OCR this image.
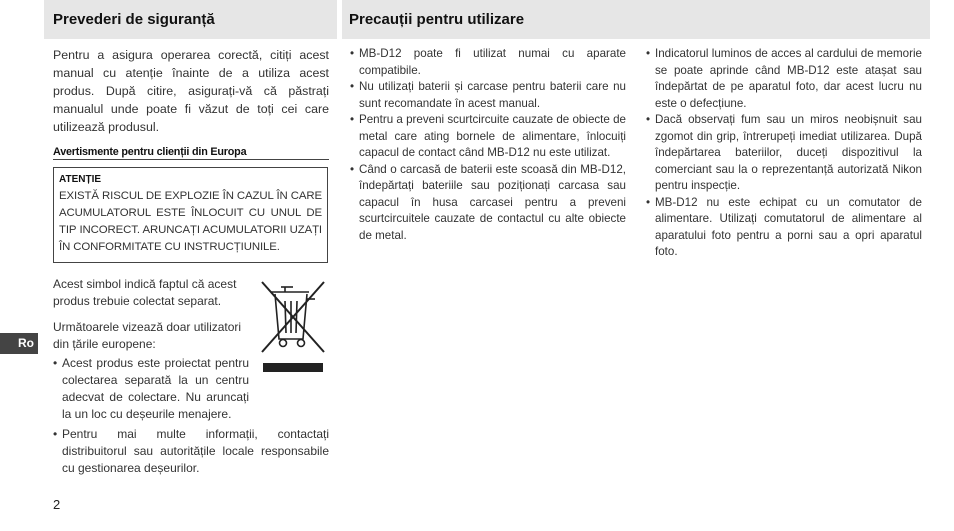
Prevederi de siguranță	Precauții pentru utilizare
Pentru a asigura operarea corectă, citiți acest manual cu atenție înainte de a utiliza acest produs. După citire, asigurați-vă că păstrați manualul unde poate fi văzut de toți cei care utilizează produsul.
Avertismente pentru clienții din Europa
ATENȚIE
EXISTĂ RISCUL DE EXPLOZIE ÎN CAZUL ÎN CARE ACUMULATORUL ESTE ÎNLOCUIT CU UNUL DE TIP INCORECT. ARUNCAȚI ACUMULATORII UZAȚI ÎN CONFORMITATE CU INSTRUCȚIUNILE.
Acest simbol indică faptul că acest produs trebuie colectat separat.
Următoarele vizează doar utilizatori din țările europene:
• Acest produs este proiectat pentru colectarea separată la un centru adecvat de colectare. Nu aruncați la un loc cu deșeurile menajere.
• Pentru mai multe informații, contactați distribuitorul sau autoritățile locale responsabile cu gestionarea deșeurilor.
Ro
2
• MB-D12 poate fi utilizat numai cu aparate compatibile.
• Nu utilizați baterii și carcase pentru baterii care nu sunt recomandate în acest manual.
• Pentru a preveni scurtcircuite cauzate de obiecte de metal care ating bornele de alimentare, înlocuiți capacul de contact când MB-D12 nu este utilizat.
• Când o carcasă de baterii este scoasă din MB-D12, îndepărtați bateriile sau poziționați carcasa sau capacul în husa carcasei pentru a preveni scurtcircuitele cauzate de contactul cu alte obiecte de metal.
• Indicatorul luminos de acces al cardului de memorie se poate aprinde când MB-D12 este atașat sau îndepărtat de pe aparatul foto, dar acest lucru nu este o defecțiune.
• Dacă observați fum sau un miros neobișnuit sau zgomot din grip, întrerupeți imediat utilizarea. După îndepărtarea bateriilor, duceți dispozitivul la comerciant sau la o reprezentanță autorizată Nikon pentru inspecție.
• MB-D12 nu este echipat cu un comutator de alimentare. Utilizați comutatorul de alimentare al aparatului foto pentru a porni sau a opri aparatul foto.
